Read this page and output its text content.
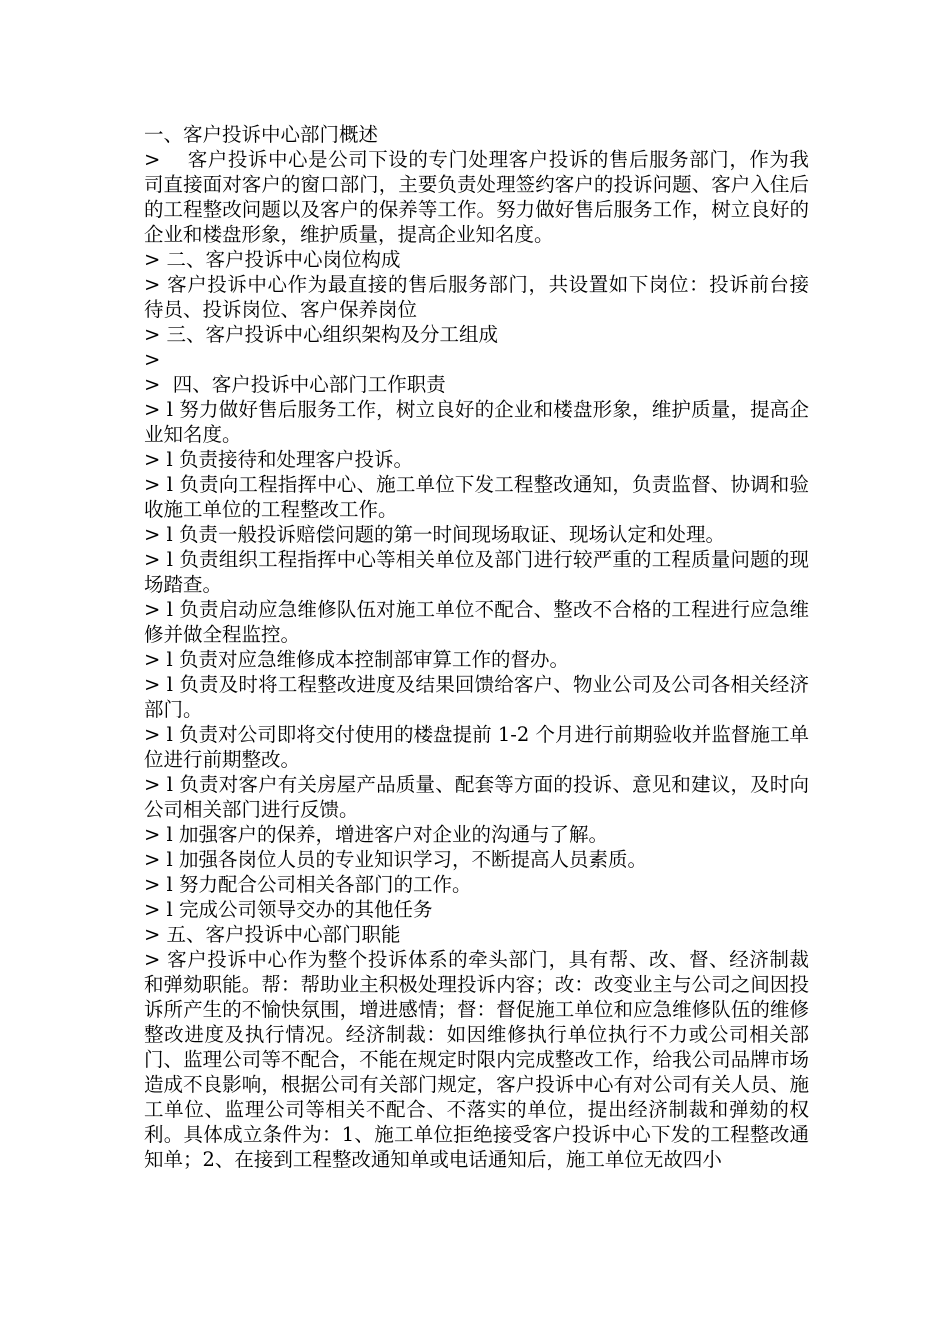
一、客户投诉中心部门概述

>　 客户投诉中心是公司下设的专门处理客户投诉的售后服务部门，作为我司直接面对客户的窗口部门，主要负责处理签约客户的投诉问题、客户入住后的工程整改问题以及客户的保养等工作。努力做好售后服务工作，树立良好的企业和楼盘形象，维护质量，提高企业知名度。

> 二、客户投诉中心岗位构成

> 客户投诉中心作为最直接的售后服务部门，共设置如下岗位：投诉前台接待员、投诉岗位、客户保养岗位

> 三、客户投诉中心组织架构及分工组成

>

>  四、客户投诉中心部门工作职责

> l 努力做好售后服务工作，树立良好的企业和楼盘形象，维护质量，提高企业知名度。

> l 负责接待和处理客户投诉。

> l 负责向工程指挥中心、施工单位下发工程整改通知，负责监督、协调和验收施工单位的工程整改工作。

> l 负责一般投诉赔偿问题的第一时间现场取证、现场认定和处理。

> l 负责组织工程指挥中心等相关单位及部门进行较严重的工程质量问题的现场踏查。

> l 负责启动应急维修队伍对施工单位不配合、整改不合格的工程进行应急维修并做全程监控。

> l 负责对应急维修成本控制部审算工作的督办。

> l 负责及时将工程整改进度及结果回馈给客户、物业公司及公司各相关经济部门。

> l 负责对公司即将交付使用的楼盘提前 1-2 个月进行前期验收并监督施工单位进行前期整改。

> l 负责对客户有关房屋产品质量、配套等方面的投诉、意见和建议，及时向公司相关部门进行反馈。

> l 加强客户的保养，增进客户对企业的沟通与了解。

> l 加强各岗位人员的专业知识学习，不断提高人员素质。

> l 努力配合公司相关各部门的工作。

> l 完成公司领导交办的其他任务

> 五、客户投诉中心部门职能

> 客户投诉中心作为整个投诉体系的牵头部门，具有帮、改、督、经济制裁和弹劾职能。帮：帮助业主积极处理投诉内容；改：改变业主与公司之间因投诉所产生的不愉快氛围，增进感情；督：督促施工单位和应急维修队伍的维修整改进度及执行情况。经济制裁：如因维修执行单位执行不力或公司相关部门、监理公司等不配合，不能在规定时限内完成整改工作，给我公司品牌市场造成不良影响，根据公司有关部门规定，客户投诉中心有对公司有关人员、施工单位、监理公司等相关不配合、不落实的单位，提出经济制裁和弹劾的权利。具体成立条件为：1、施工单位拒绝接受客户投诉中心下发的工程整改通知单；2、在接到工程整改通知单或电话通知后，施工单位无故四小
